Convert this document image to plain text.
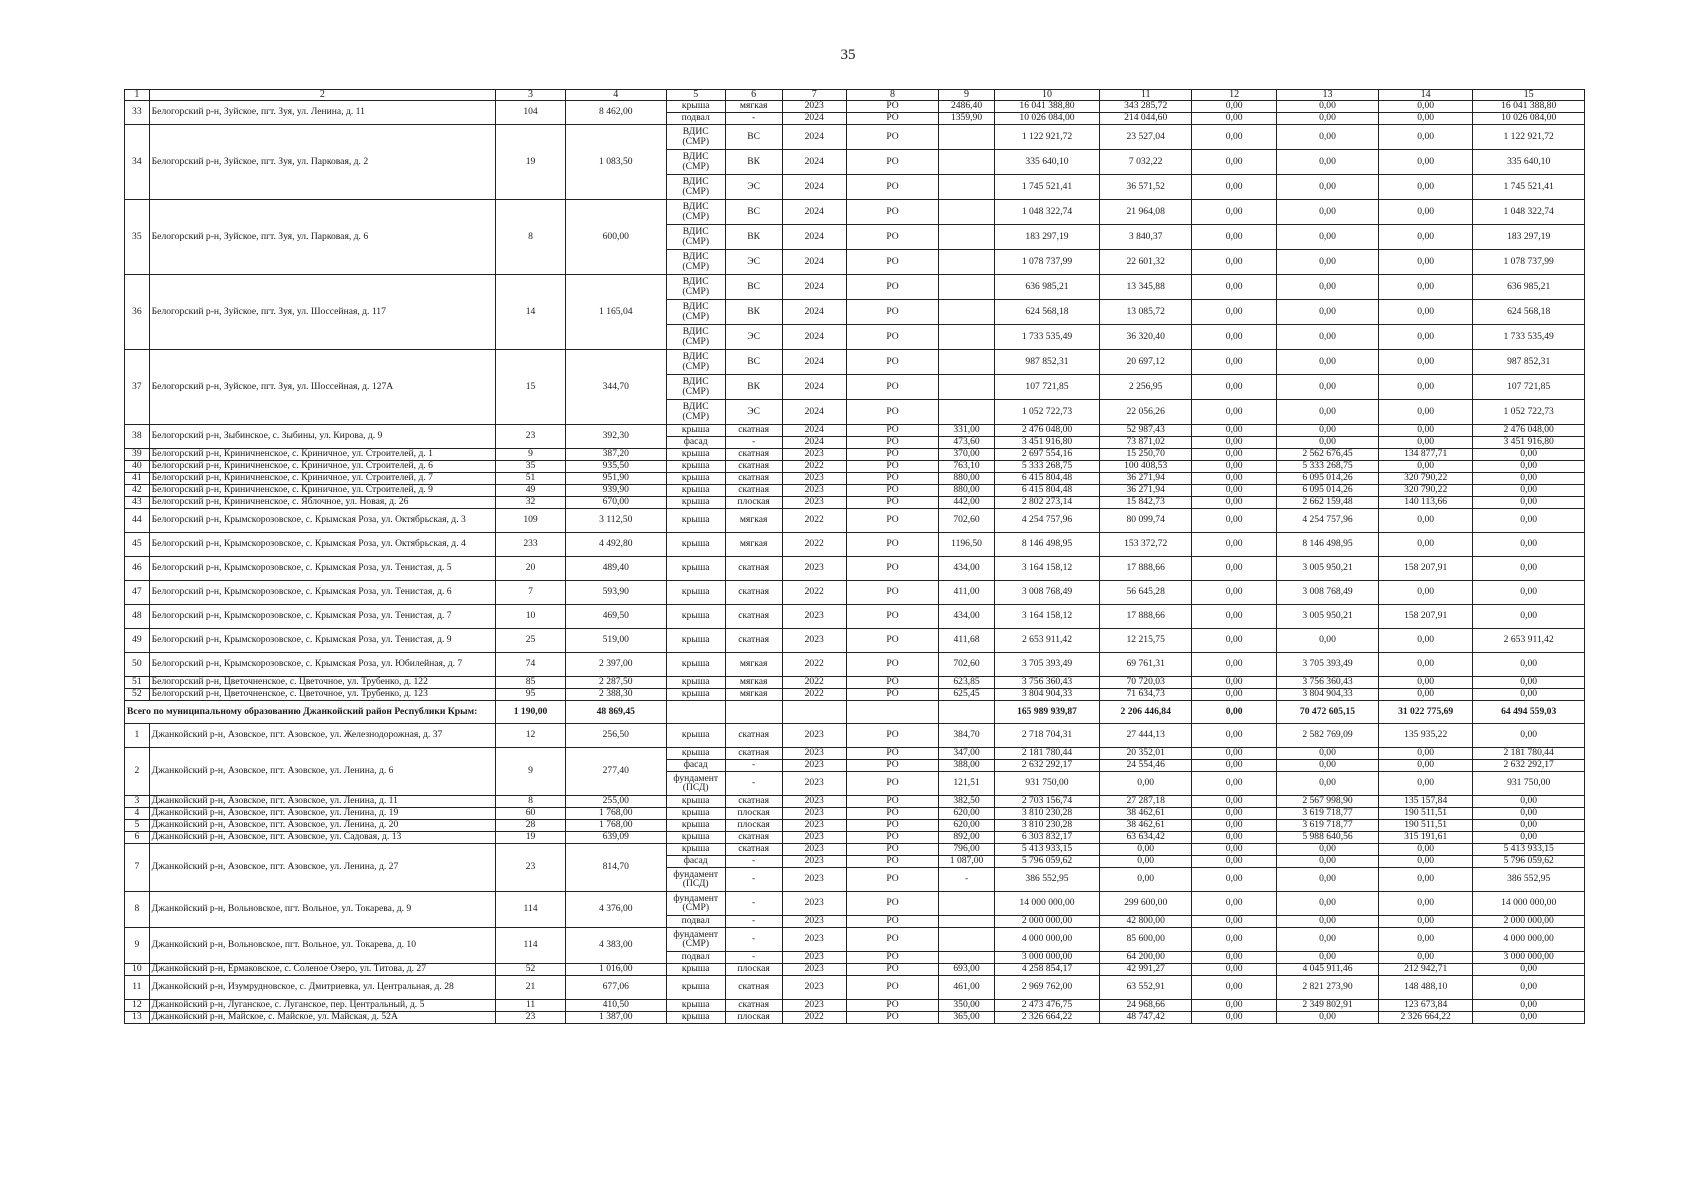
35
1	2	3	4	5	6	7	8	9	10	11	12	13	14	15
33	Белогорский р-н, Зуйское, пгт. Зуя, ул. Ленина, д. 11	104	8 462,00	крыша	мягкая	2023	РО	2486,40	16 041 388,80	343 285,72	0,00	0,00	0,00	16 041 388,80
				подвал	-	2024	РО	1359,90	10 026 084,00	214 044,60	0,00	0,00	0,00	10 026 084,00
34	Белогорский р-н, Зуйское, пгт. Зуя, ул. Парковая, д. 2	19	1 083,50	ВДИС (СМР)	ВС	2024	РО		1 122 921,72	23 527,04	0,00	0,00	0,00	1 122 921,72
				ВДИС (СМР)	ВК	2024	РО		335 640,10	7 032,22	0,00	0,00	0,00	335 640,10
				ВДИС (СМР)	ЭС	2024	РО		1 745 521,41	36 571,52	0,00	0,00	0,00	1 745 521,41
35	Белогорский р-н, Зуйское, пгт. Зуя, ул. Парковая, д. 6	8	600,00	ВДИС (СМР)	ВС	2024	РО		1 048 322,74	21 964,08	0,00	0,00	0,00	1 048 322,74
				ВДИС (СМР)	ВК	2024	РО		183 297,19	3 840,37	0,00	0,00	0,00	183 297,19
				ВДИС (СМР)	ЭС	2024	РО		1 078 737,99	22 601,32	0,00	0,00	0,00	1 078 737,99
36	Белогорский р-н, Зуйское, пгт. Зуя, ул. Шоссейная, д. 117	14	1 165,04	ВДИС (СМР)	ВС	2024	РО		636 985,21	13 345,88	0,00	0,00	0,00	636 985,21
				ВДИС (СМР)	ВК	2024	РО		624 568,18	13 085,72	0,00	0,00	0,00	624 568,18
				ВДИС (СМР)	ЭС	2024	РО		1 733 535,49	36 320,40	0,00	0,00	0,00	1 733 535,49
37	Белогорский р-н, Зуйское, пгт. Зуя, ул. Шоссейная, д. 127А	15	344,70	ВДИС (СМР)	ВС	2024	РО		987 852,31	20 697,12	0,00	0,00	0,00	987 852,31
				ВДИС (СМР)	ВК	2024	РО		107 721,85	2 256,95	0,00	0,00	0,00	107 721,85
				ВДИС (СМР)	ЭС	2024	РО		1 052 722,73	22 056,26	0,00	0,00	0,00	1 052 722,73
38	Белогорский р-н, Зыбинское, с. Зыбины, ул. Кирова, д. 9	23	392,30	крыша	скатная	2024	РО	331,00	2 476 048,00	52 987,43	0,00	0,00	0,00	2 476 048,00
				фасад	-	2024	РО	473,60	3 451 916,80	73 871,02	0,00	0,00	0,00	3 451 916,80
39	Белогорский р-н, Криничненское, с. Криничное, ул. Строителей, д. 1	9	387,20	крыша	скатная	2023	РО	370,00	2 697 554,16	15 250,70	0,00	2 562 676,45	134 877,71	0,00
40	Белогорский р-н, Криничненское, с. Криничное, ул. Строителей, д. 6	35	935,50	крыша	скатная	2022	РО	763,10	5 333 268,75	100 408,53	0,00	5 333 268,75	0,00	0,00
41	Белогорский р-н, Криничненское, с. Криничное, ул. Строителей, д. 7	51	951,90	крыша	скатная	2023	РО	880,00	6 415 804,48	36 271,94	0,00	6 095 014,26	320 790,22	0,00
42	Белогорский р-н, Криничненское, с. Криничное, ул. Строителей, д. 9	49	939,90	крыша	скатная	2023	РО	880,00	6 415 804,48	36 271,94	0,00	6 095 014,26	320 790,22	0,00
43	Белогорский р-н, Криничненское, с. Яблочное, ул. Новая, д. 26	32	670,00	крыша	плоская	2023	РО	442,00	2 802 273,14	15 842,73	0,00	2 662 159,48	140 113,66	0,00
44	Белогорский р-н, Крымскорозовское, с. Крымская Роза, ул. Октябрьская, д. 3	109	3 112,50	крыша	мягкая	2022	РО	702,60	4 254 757,96	80 099,74	0,00	4 254 757,96	0,00	0,00
45	Белогорский р-н, Крымскорозовское, с. Крымская Роза, ул. Октябрьская, д. 4	233	4 492,80	крыша	мягкая	2022	РО	1196,50	8 146 498,95	153 372,72	0,00	8 146 498,95	0,00	0,00
46	Белогорский р-н, Крымскорозовское, с. Крымская Роза, ул. Тенистая, д. 5	20	489,40	крыша	скатная	2023	РО	434,00	3 164 158,12	17 888,66	0,00	3 005 950,21	158 207,91	0,00
47	Белогорский р-н, Крымскорозовское, с. Крымская Роза, ул. Тенистая, д. 6	7	593,90	крыша	скатная	2022	РО	411,00	3 008 768,49	56 645,28	0,00	3 008 768,49	0,00	0,00
48	Белогорский р-н, Крымскорозовское, с. Крымская Роза, ул. Тенистая, д. 7	10	469,50	крыша	скатная	2023	РО	434,00	3 164 158,12	17 888,66	0,00	3 005 950,21	158 207,91	0,00
49	Белогорский р-н, Крымскорозовское, с. Крымская Роза, ул. Тенистая, д. 9	25	519,00	крыша	скатная	2023	РО	411,68	2 653 911,42	12 215,75	0,00	0,00	0,00	2 653 911,42
50	Белогорский р-н, Крымскорозовское, с. Крымская Роза, ул. Юбилейная, д. 7	74	2 397,00	крыша	мягкая	2022	РО	702,60	3 705 393,49	69 761,31	0,00	3 705 393,49	0,00	0,00
51	Белогорский р-н, Цветочненское, с. Цветочное, ул. Трубенко, д. 122	85	2 287,50	крыша	мягкая	2022	РО	623,85	3 756 360,43	70 720,03	0,00	3 756 360,43	0,00	0,00
52	Белогорский р-н, Цветочненское, с. Цветочное, ул. Трубенко, д. 123	95	2 388,30	крыша	мягкая	2022	РО	625,45	3 804 904,33	71 634,73	0,00	3 804 904,33	0,00	0,00
Всего по муниципальному образованию Джанкойский район Республики Крым:		1 190,00	48 869,45						165 989 939,87	2 206 446,84	0,00	70 472 605,15	31 022 775,69	64 494 559,03
1	Джанкойский р-н, Азовское, пгт. Азовское, ул. Железнодорожная, д. 37	12	256,50	крыша	скатная	2023	РО	384,70	2 718 704,31	27 444,13	0,00	2 582 769,09	135 935,22	0,00
2	Джанкойский р-н, Азовское, пгт. Азовское, ул. Ленина, д. 6	9	277,40	крыша	скатная	2023	РО	347,00	2 181 780,44	20 352,01	0,00	0,00	0,00	2 181 780,44
				фасад	-	2023	РО	388,00	2 632 292,17	24 554,46	0,00	0,00	0,00	2 632 292,17
				фундамент (ПСД)	-	2023	РО	121,51	931 750,00	0,00	0,00	0,00	0,00	931 750,00
3	Джанкойский р-н, Азовское, пгт. Азовское, ул. Ленина, д. 11	8	255,00	крыша	скатная	2023	РО	382,50	2 703 156,74	27 287,18	0,00	2 567 998,90	135 157,84	0,00
4	Джанкойский р-н, Азовское, пгт. Азовское, ул. Ленина, д. 19	60	1 768,00	крыша	плоская	2023	РО	620,00	3 810 230,28	38 462,61	0,00	3 619 718,77	190 511,51	0,00
5	Джанкойский р-н, Азовское, пгт. Азовское, ул. Ленина, д. 20	28	1 768,00	крыша	плоская	2023	РО	620,00	3 810 230,28	38 462,61	0,00	3 619 718,77	190 511,51	0,00
6	Джанкойский р-н, Азовское, пгт. Азовское, ул. Садовая, д. 13	19	639,09	крыша	скатная	2023	РО	892,00	6 303 832,17	63 634,42	0,00	5 988 640,56	315 191,61	0,00
7	Джанкойский р-н, Азовское, пгт. Азовское, ул. Ленина, д. 27	23	814,70	крыша	скатная	2023	РО	796,00	5 413 933,15	0,00	0,00	0,00	0,00	5 413 933,15
				фасад	-	2023	РО	1 087,00	5 796 059,62	0,00	0,00	0,00	0,00	5 796 059,62
				фундамент (ПСД)	-	2023	РО	-	386 552,95	0,00	0,00	0,00	0,00	386 552,95
8	Джанкойский р-н, Вольновское, пгт. Вольное, ул. Токарева, д. 9	114	4 376,00	фундамент (СМР)	-	2023	РО		14 000 000,00	299 600,00	0,00	0,00	0,00	14 000 000,00
				подвал	-	2023	РО		2 000 000,00	42 800,00	0,00	0,00	0,00	2 000 000,00
9	Джанкойский р-н, Вольновское, пгт. Вольное, ул. Токарева, д. 10	114	4 383,00	фундамент (СМР)	-	2023	РО		4 000 000,00	85 600,00	0,00	0,00	0,00	4 000 000,00
				подвал	-	2023	РО		3 000 000,00	64 200,00	0,00	0,00	0,00	3 000 000,00
10	Джанкойский р-н, Ермаковское, с. Соленое Озеро, ул. Титова, д. 27	52	1 016,00	крыша	плоская	2023	РО	693,00	4 258 854,17	42 991,27	0,00	4 045 911,46	212 942,71	0,00
11	Джанкойский р-н, Изумрудновское, с. Дмитриевка, ул. Центральная, д. 28	21	677,06	крыша	скатная	2023	РО	461,00	2 969 762,00	63 552,91	0,00	2 821 273,90	148 488,10	0,00
12	Джанкойский р-н, Луганское, с. Луганское, пер. Центральный, д. 5	11	410,50	крыша	скатная	2023	РО	350,00	2 473 476,75	24 968,66	0,00	2 349 802,91	123 673,84	0,00
13	Джанкойский р-н, Майское, с. Майское, ул. Майская, д. 52А	23	1 387,00	крыша	плоская	2022	РО	365,00	2 326 664,22	48 747,42	0,00	0,00	2 326 664,22	0,00
